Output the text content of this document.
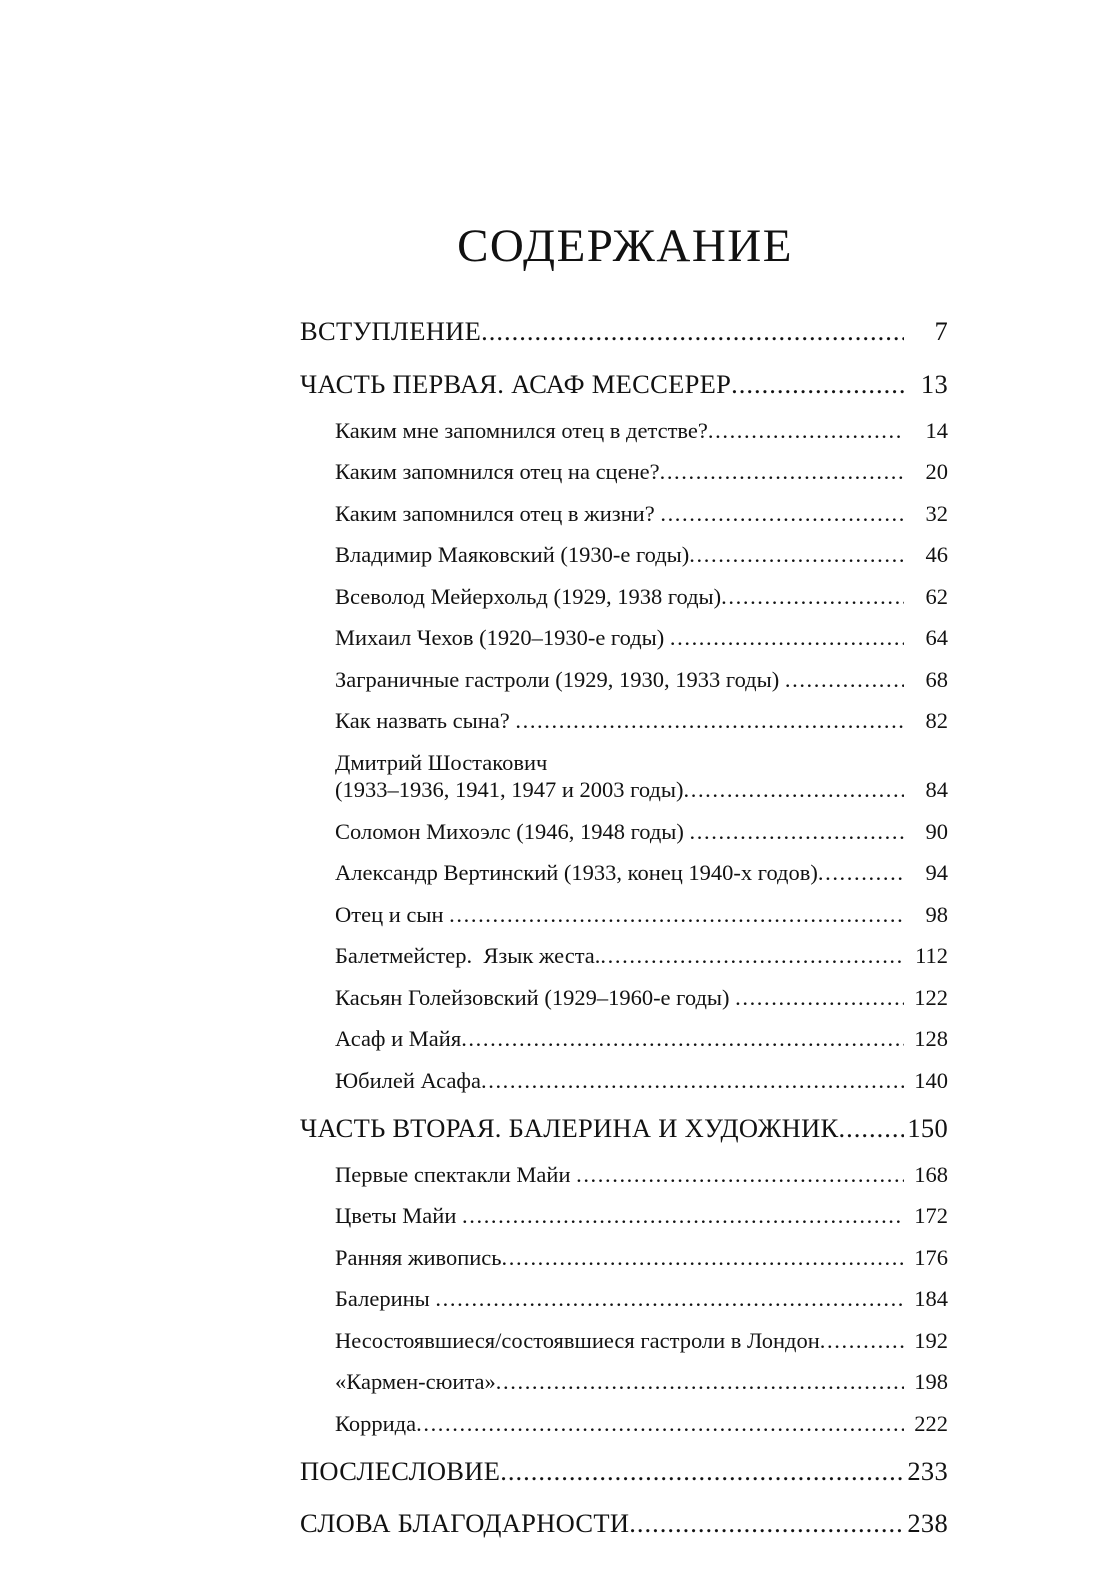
СОДЕРЖАНИЕ
ВСТУПЛЕНИЕ .....	7
ЧАСТЬ ПЕРВАЯ. АСАФ МЕССЕРЕР .....	13
Каким мне запомнился отец в детстве? .....	14
Каким запомнился отец на сцене? .....	20
Каким запомнился отец в жизни? .....	32
Владимир Маяковский (1930-е годы) .....	46
Всеволод Мейерхольд (1929, 1938 годы) .....	62
Михаил Чехов (1920–1930-е годы) .....	64
Заграничные гастроли (1929, 1930, 1933 годы) .....	68
Как назвать сына? .....	82
Дмитрий Шостакович
(1933–1936, 1941, 1947 и 2003 годы) .....	84
Соломон Михоэлс (1946, 1948 годы) .....	90
Александр Вертинский (1933, конец 1940-х годов) .....	94
Отец и сын .....	98
Балетмейстер.  Язык жеста. .....	112
Касьян Голейзовский (1929–1960-е годы) .....	122
Асаф и Майя .....	128
Юбилей Асафа .....	140
ЧАСТЬ ВТОРАЯ. БАЛЕРИНА И ХУДОЖНИК .....	150
Первые спектакли Майи .....	168
Цветы Майи .....	172
Ранняя живопись .....	176
Балерины .....	184
Несостоявшиеся/состоявшиеся гастроли в Лондон .....	192
«Кармен-сюита» .....	198
Коррида .....	222
ПОСЛЕСЛОВИЕ .....	233
СЛОВА БЛАГОДАРНОСТИ .....	238
